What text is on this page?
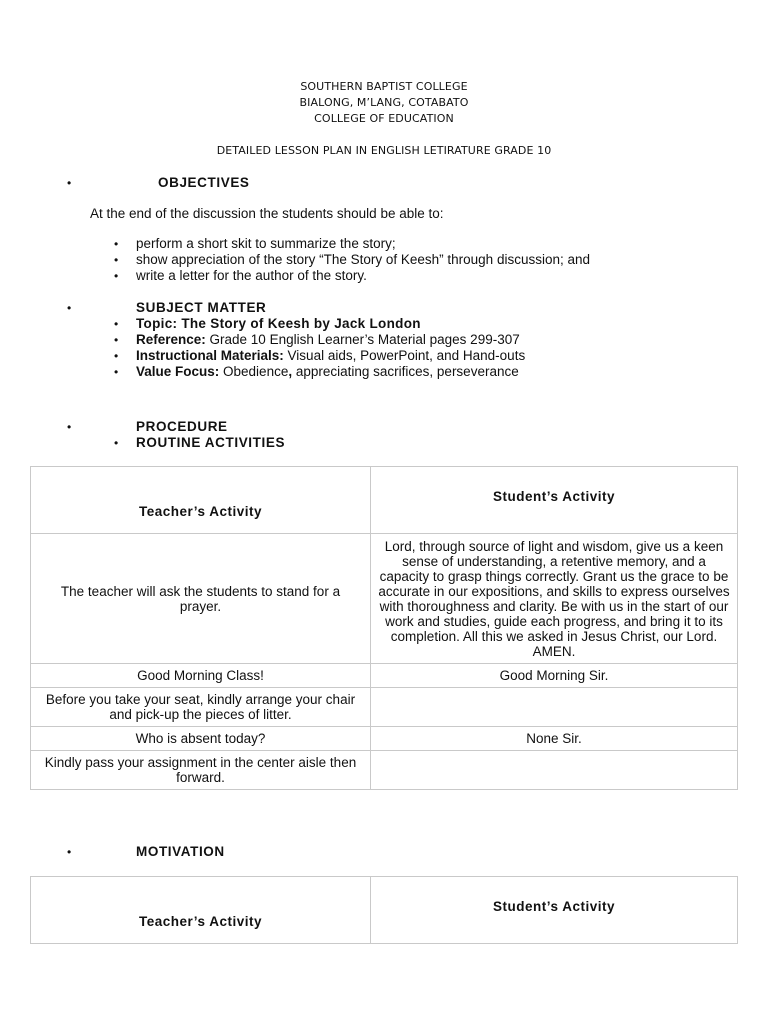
SOUTHERN BAPTIST COLLEGE
BIALONG, M’LANG, COTABATO
COLLEGE OF EDUCATION
DETAILED LESSON PLAN IN ENGLISH LETIRATURE GRADE 10
•	OBJECTIVES
At the end of the discussion the students should be able to:
• perform a short skit to summarize the story;
• show appreciation of the story “The Story of Keesh” through discussion; and
• write a letter for the author of the story.
•	SUBJECT MATTER
• Topic: The Story of Keesh by Jack London
• Reference: Grade 10 English Learner’s Material pages 299-307
• Instructional Materials: Visual aids, PowerPoint, and Hand-outs
• Value Focus: Obedience, appreciating sacrifices, perseverance
•	PROCEDURE
• ROUTINE ACTIVITIES
Teacher’s Activity	Student’s Activity
The teacher will ask the students to stand for a prayer.	Lord, through source of light and wisdom, give us a keen sense of understanding, a retentive memory, and a capacity to grasp things correctly. Grant us the grace to be accurate in our expositions, and skills to express ourselves with thoroughness and clarity. Be with us in the start of our work and studies, guide each progress, and bring it to its completion. All this we asked in Jesus Christ, our Lord. AMEN.
Good Morning Class!	Good Morning Sir.
Before you take your seat, kindly arrange your chair and pick-up the pieces of litter.	
Who is absent today?	None Sir.
Kindly pass your assignment in the center aisle then forward.	
•	MOTIVATION
Teacher’s Activity	Student’s Activity
